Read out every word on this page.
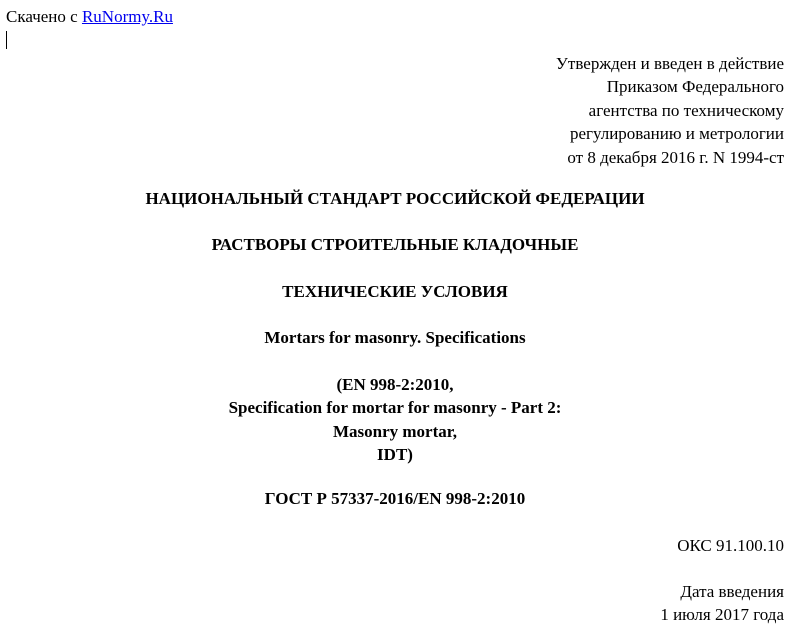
Скачено с RuNormy.Ru
Утвержден и введен в действие
Приказом Федерального
агентства по техническому
регулированию и метрологии
от 8 декабря 2016 г. N 1994-ст
НАЦИОНАЛЬНЫЙ СТАНДАРТ РОССИЙСКОЙ ФЕДЕРАЦИИ
РАСТВОРЫ СТРОИТЕЛЬНЫЕ КЛАДОЧНЫЕ
ТЕХНИЧЕСКИЕ УСЛОВИЯ
Mortars for masonry. Specifications
(EN 998-2:2010,
Specification for mortar for masonry - Part 2:
Masonry mortar,
IDT)
ГОСТ Р 57337-2016/EN 998-2:2010
ОКС 91.100.10
Дата введения
1 июля 2017 года
